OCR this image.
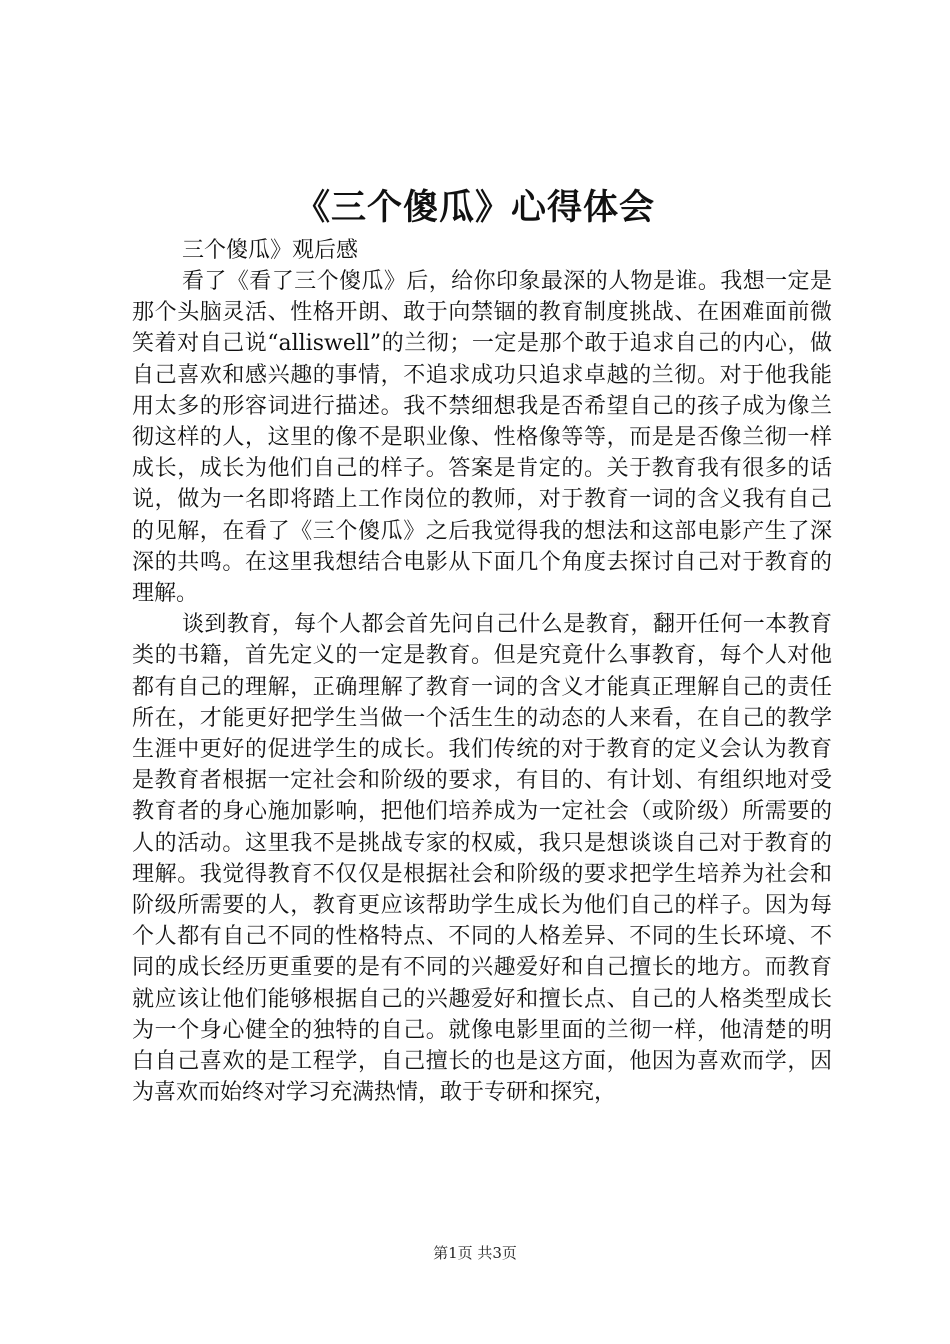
《三个傻瓜》心得体会

三个傻瓜》观后感

看了《看了三个傻瓜》后，给你印象最深的人物是谁。我想一定是那个头脑灵活、性格开朗、敢于向禁锢的教育制度挑战、在困难面前微笑着对自己说“alliswell”的兰彻；一定是那个敢于追求自己的内心，做自己喜欢和感兴趣的事情，不追求成功只追求卓越的兰彻。对于他我能用太多的形容词进行描述。我不禁细想我是否希望自己的孩子成为像兰彻这样的人，这里的像不是职业像、性格像等等，而是是否像兰彻一样成长，成长为他们自己的样子。答案是肯定的。关于教育我有很多的话说，做为一名即将踏上工作岗位的教师，对于教育一词的含义我有自己的见解，在看了《三个傻瓜》之后我觉得我的想法和这部电影产生了深深的共鸣。在这里我想结合电影从下面几个角度去探讨自己对于教育的理解。

谈到教育，每个人都会首先问自己什么是教育，翻开任何一本教育类的书籍，首先定义的一定是教育。但是究竟什么事教育，每个人对他都有自己的理解，正确理解了教育一词的含义才能真正理解自己的责任所在，才能更好把学生当做一个活生生的动态的人来看，在自己的教学生涯中更好的促进学生的成长。我们传统的对于教育的定义会认为教育是教育者根据一定社会和阶级的要求，有目的、有计划、有组织地对受教育者的身心施加影响，把他们培养成为一定社会（或阶级）所需要的人的活动。这里我不是挑战专家的权威，我只是想谈谈自己对于教育的理解。我觉得教育不仅仅是根据社会和阶级的要求把学生培养为社会和阶级所需要的人，教育更应该帮助学生成长为他们自己的样子。因为每个人都有自己不同的性格特点、不同的人格差异、不同的生长环境、不同的成长经历更重要的是有不同的兴趣爱好和自己擅长的地方。而教育就应该让他们能够根据自己的兴趣爱好和擅长点、自己的人格类型成长为一个身心健全的独特的自己。就像电影里面的兰彻一样，他清楚的明白自己喜欢的是工程学，自己擅长的也是这方面，他因为喜欢而学，因为喜欢而始终对学习充满热情，敢于专研和探究，

第1页 共3页
